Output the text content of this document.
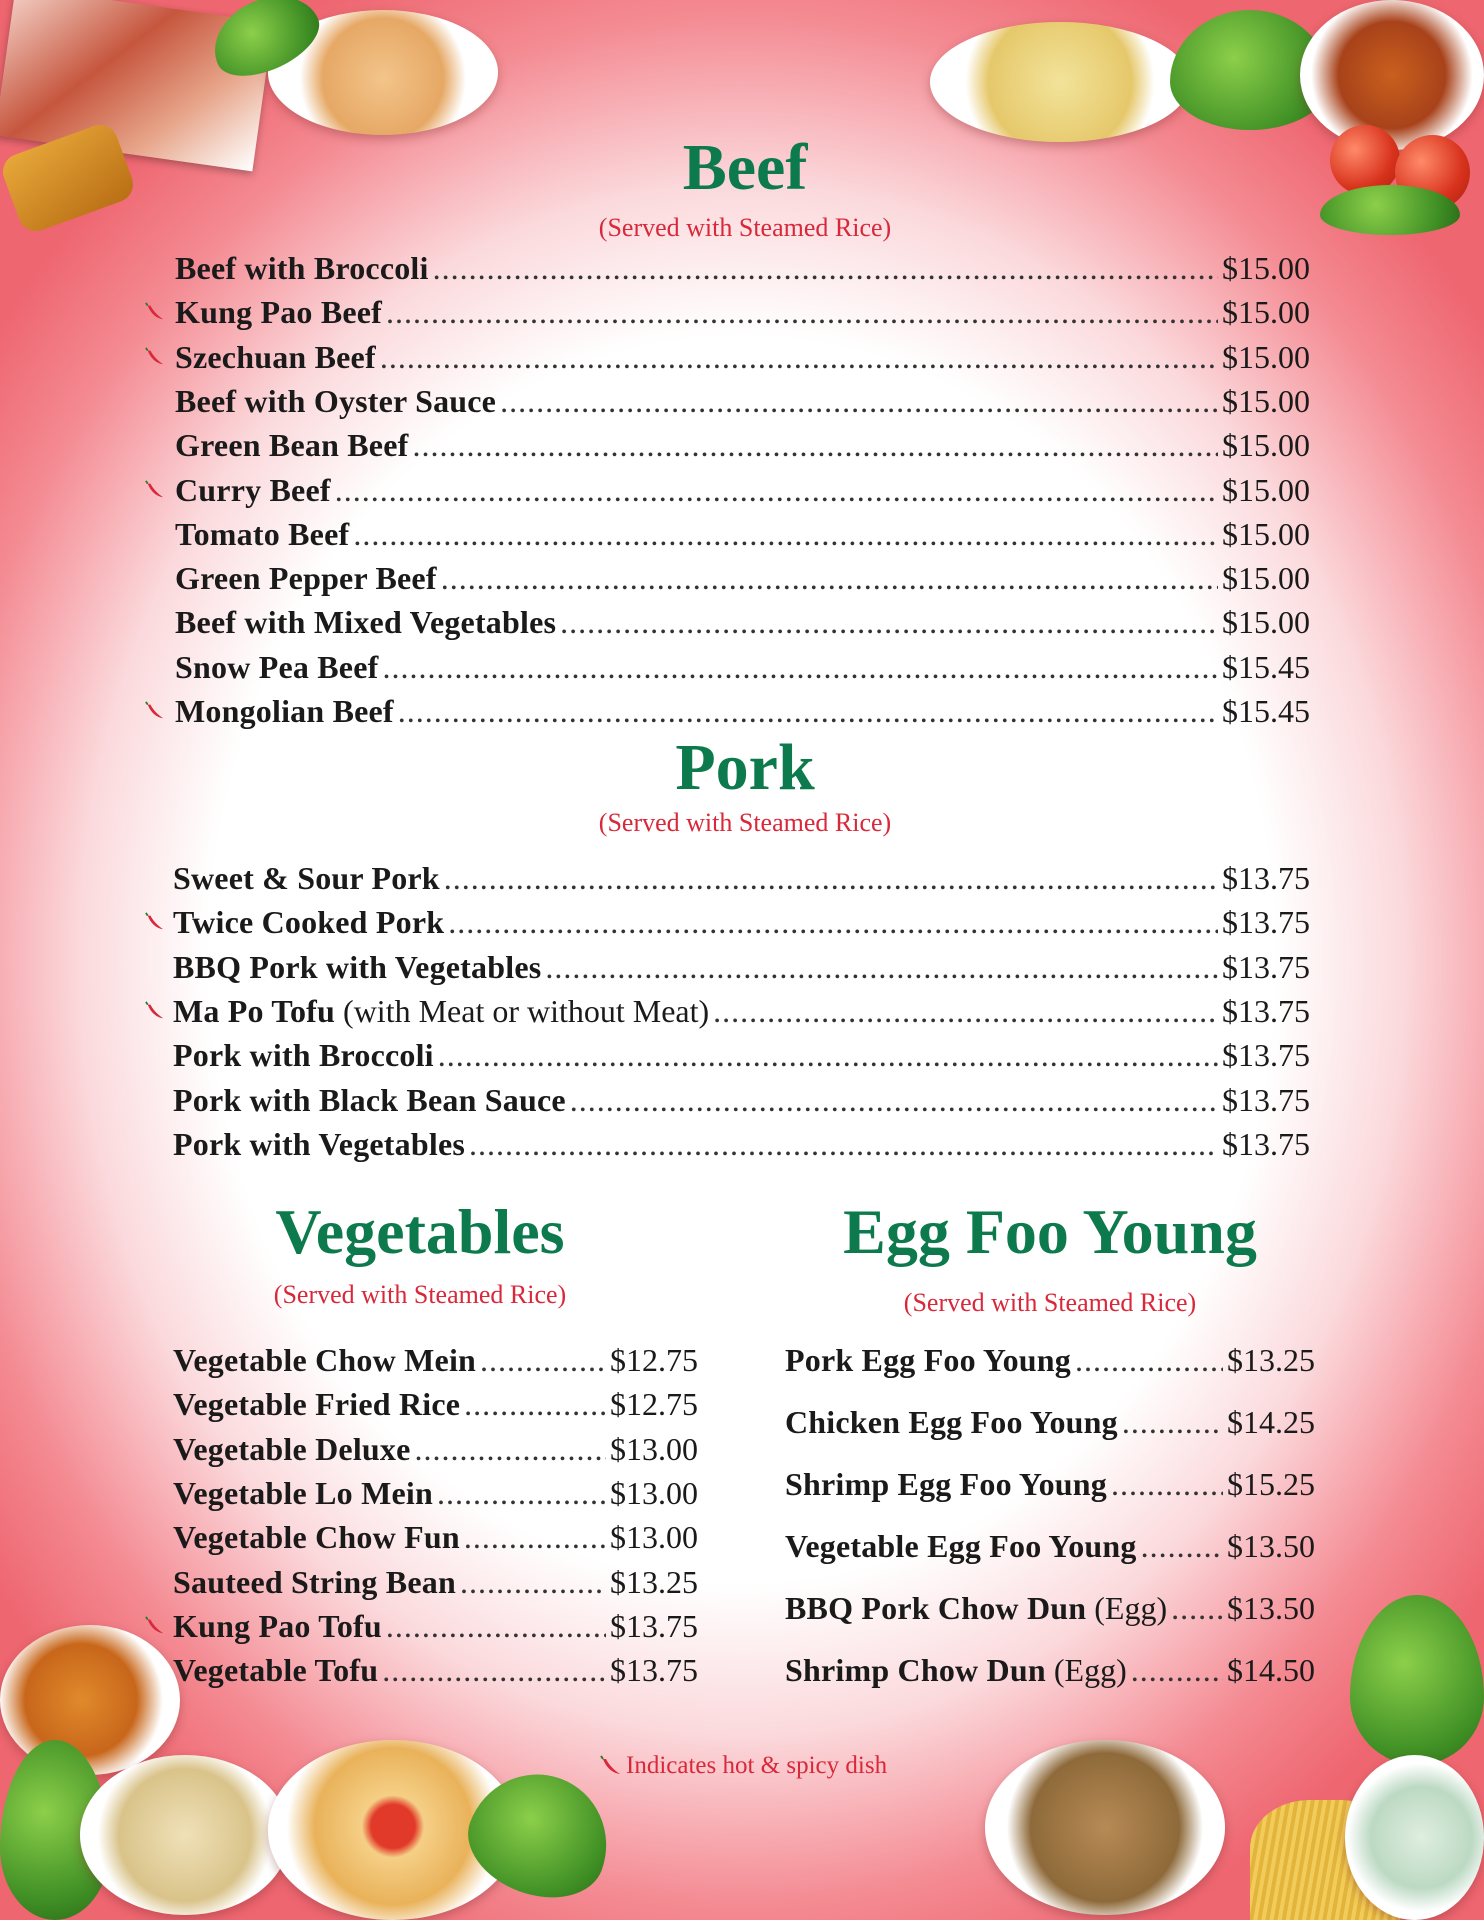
Beef
(Served with Steamed Rice)
Beef with Broccoli .....	$15.00
Kung Pao Beef .....	$15.00
Szechuan Beef .....	$15.00
Beef with Oyster Sauce .....	$15.00
Green Bean Beef .....	$15.00
Curry Beef .....	$15.00
Tomato Beef .....	$15.00
Green Pepper Beef .....	$15.00
Beef with Mixed Vegetables .....	$15.00
Snow Pea Beef .....	$15.45
Mongolian Beef .....	$15.45
Pork
(Served with Steamed Rice)
Sweet & Sour Pork .....	$13.75
Twice Cooked Pork .....	$13.75
BBQ Pork with Vegetables .....	$13.75
Ma Po Tofu (with Meat or without Meat) .....	$13.75
Pork with Broccoli .....	$13.75
Pork with Black Bean Sauce .....	$13.75
Pork with Vegetables .....	$13.75
Vegetables
(Served with Steamed Rice)
Vegetable Chow Mein .....	$12.75
Vegetable Fried Rice .....	$12.75
Vegetable Deluxe .....	$13.00
Vegetable Lo Mein .....	$13.00
Vegetable Chow Fun .....	$13.00
Sauteed String Bean .....	$13.25
Kung Pao Tofu .....	$13.75
Vegetable Tofu .....	$13.75
Egg Foo Young
(Served with Steamed Rice)
Pork Egg Foo Young .....	$13.25
Chicken Egg Foo Young .....	$14.25
Shrimp Egg Foo Young .....	$15.25
Vegetable Egg Foo Young .....	$13.50
BBQ Pork Chow Dun (Egg) ..... $13.50
Shrimp Chow Dun (Egg) .....	$14.50
Indicates hot & spicy dish
